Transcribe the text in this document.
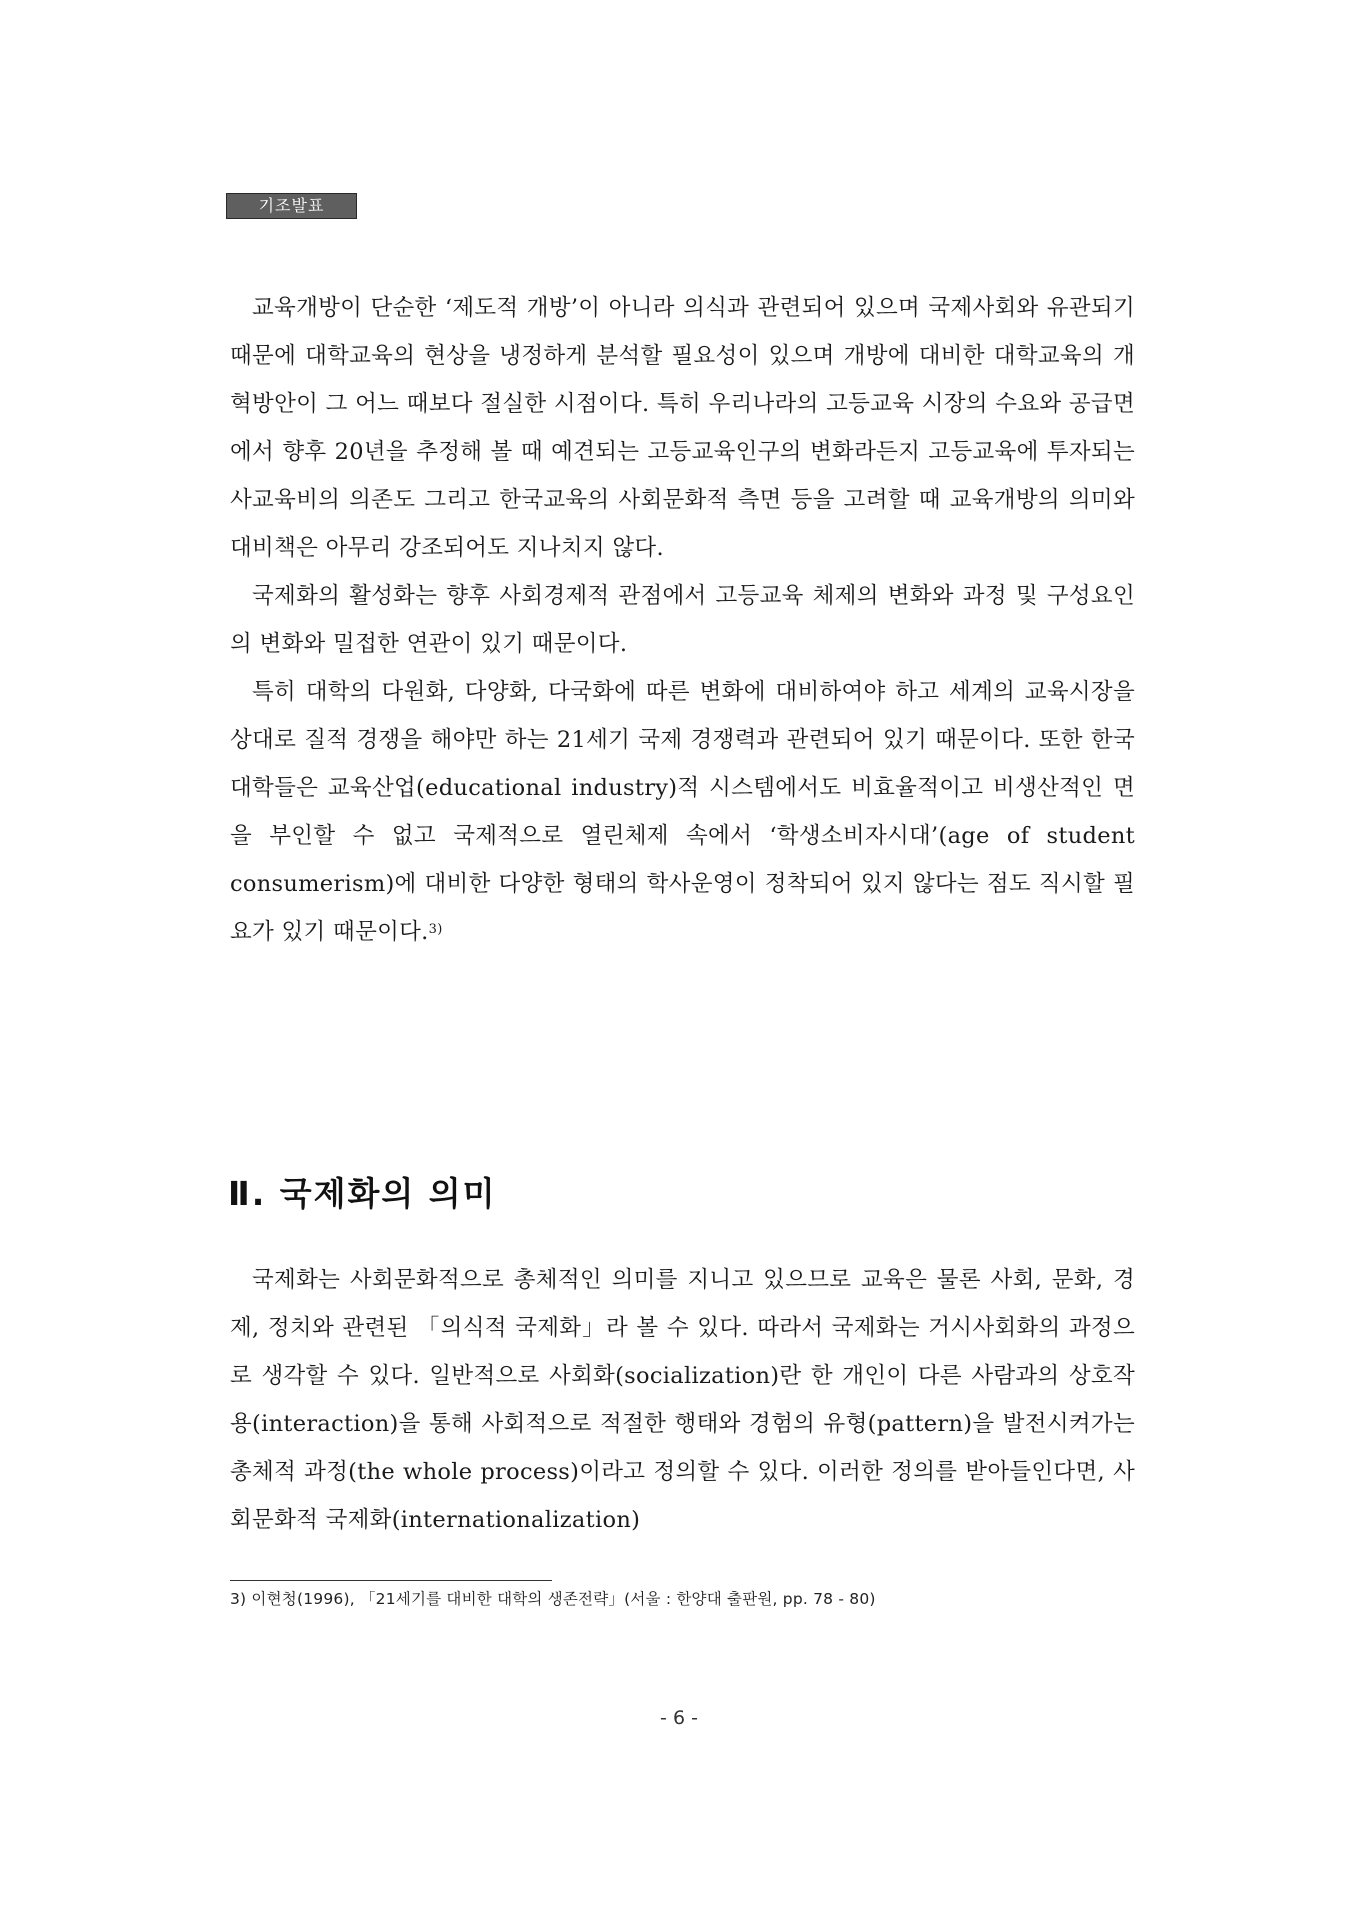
기조발표

교육개방이 단순한 ‘제도적 개방’이 아니라 의식과 관련되어 있으며 국제사회와 유관되기 때문에 대학교육의 현상을 냉정하게 분석할 필요성이 있으며 개방에 대비한 대학교육의 개혁방안이 그 어느 때보다 절실한 시점이다. 특히 우리나라의 고등교육 시장의 수요와 공급면에서 향후 20년을 추정해 볼 때 예견되는 고등교육인구의 변화라든지 고등교육에 투자되는 사교육비의 의존도 그리고 한국교육의 사회문화적 측면 등을 고려할 때 교육개방의 의미와 대비책은 아무리 강조되어도 지나치지 않다.

국제화의 활성화는 향후 사회경제적 관점에서 고등교육 체제의 변화와 과정 및 구성요인의 변화와 밀접한 연관이 있기 때문이다.

특히 대학의 다원화, 다양화, 다국화에 따른 변화에 대비하여야 하고 세계의 교육시장을 상대로 질적 경쟁을 해야만 하는 21세기 국제 경쟁력과 관련되어 있기 때문이다. 또한 한국 대학들은 교육산업(educational industry)적 시스템에서도 비효율적이고 비생산적인 면을 부인할 수 없고 국제적으로 열린체제 속에서 ‘학생소비자시대’(age of student consumerism)에 대비한 다양한 형태의 학사운영이 정착되어 있지 않다는 점도 직시할 필요가 있기 때문이다.$^{3)}$

Ⅱ. 국제화의 의미

국제화는 사회문화적으로 총체적인 의미를 지니고 있으므로 교육은 물론 사회, 문화, 경제, 정치와 관련된 「의식적 국제화」라 볼 수 있다. 따라서 국제화는 거시사회화의 과정으로 생각할 수 있다. 일반적으로 사회화(socialization)란 한 개인이 다른 사람과의 상호작용(interaction)을 통해 사회적으로 적절한 행태와 경험의 유형(pattern)을 발전시켜가는 총체적 과정(the whole process)이라고 정의할 수 있다. 이러한 정의를 받아들인다면, 사회문화적 국제화(internationalization)

3) 이현청(1996), 「21세기를 대비한 대학의 생존전략」(서울 : 한양대 출판원, pp. 78 - 80)
- 6 -
